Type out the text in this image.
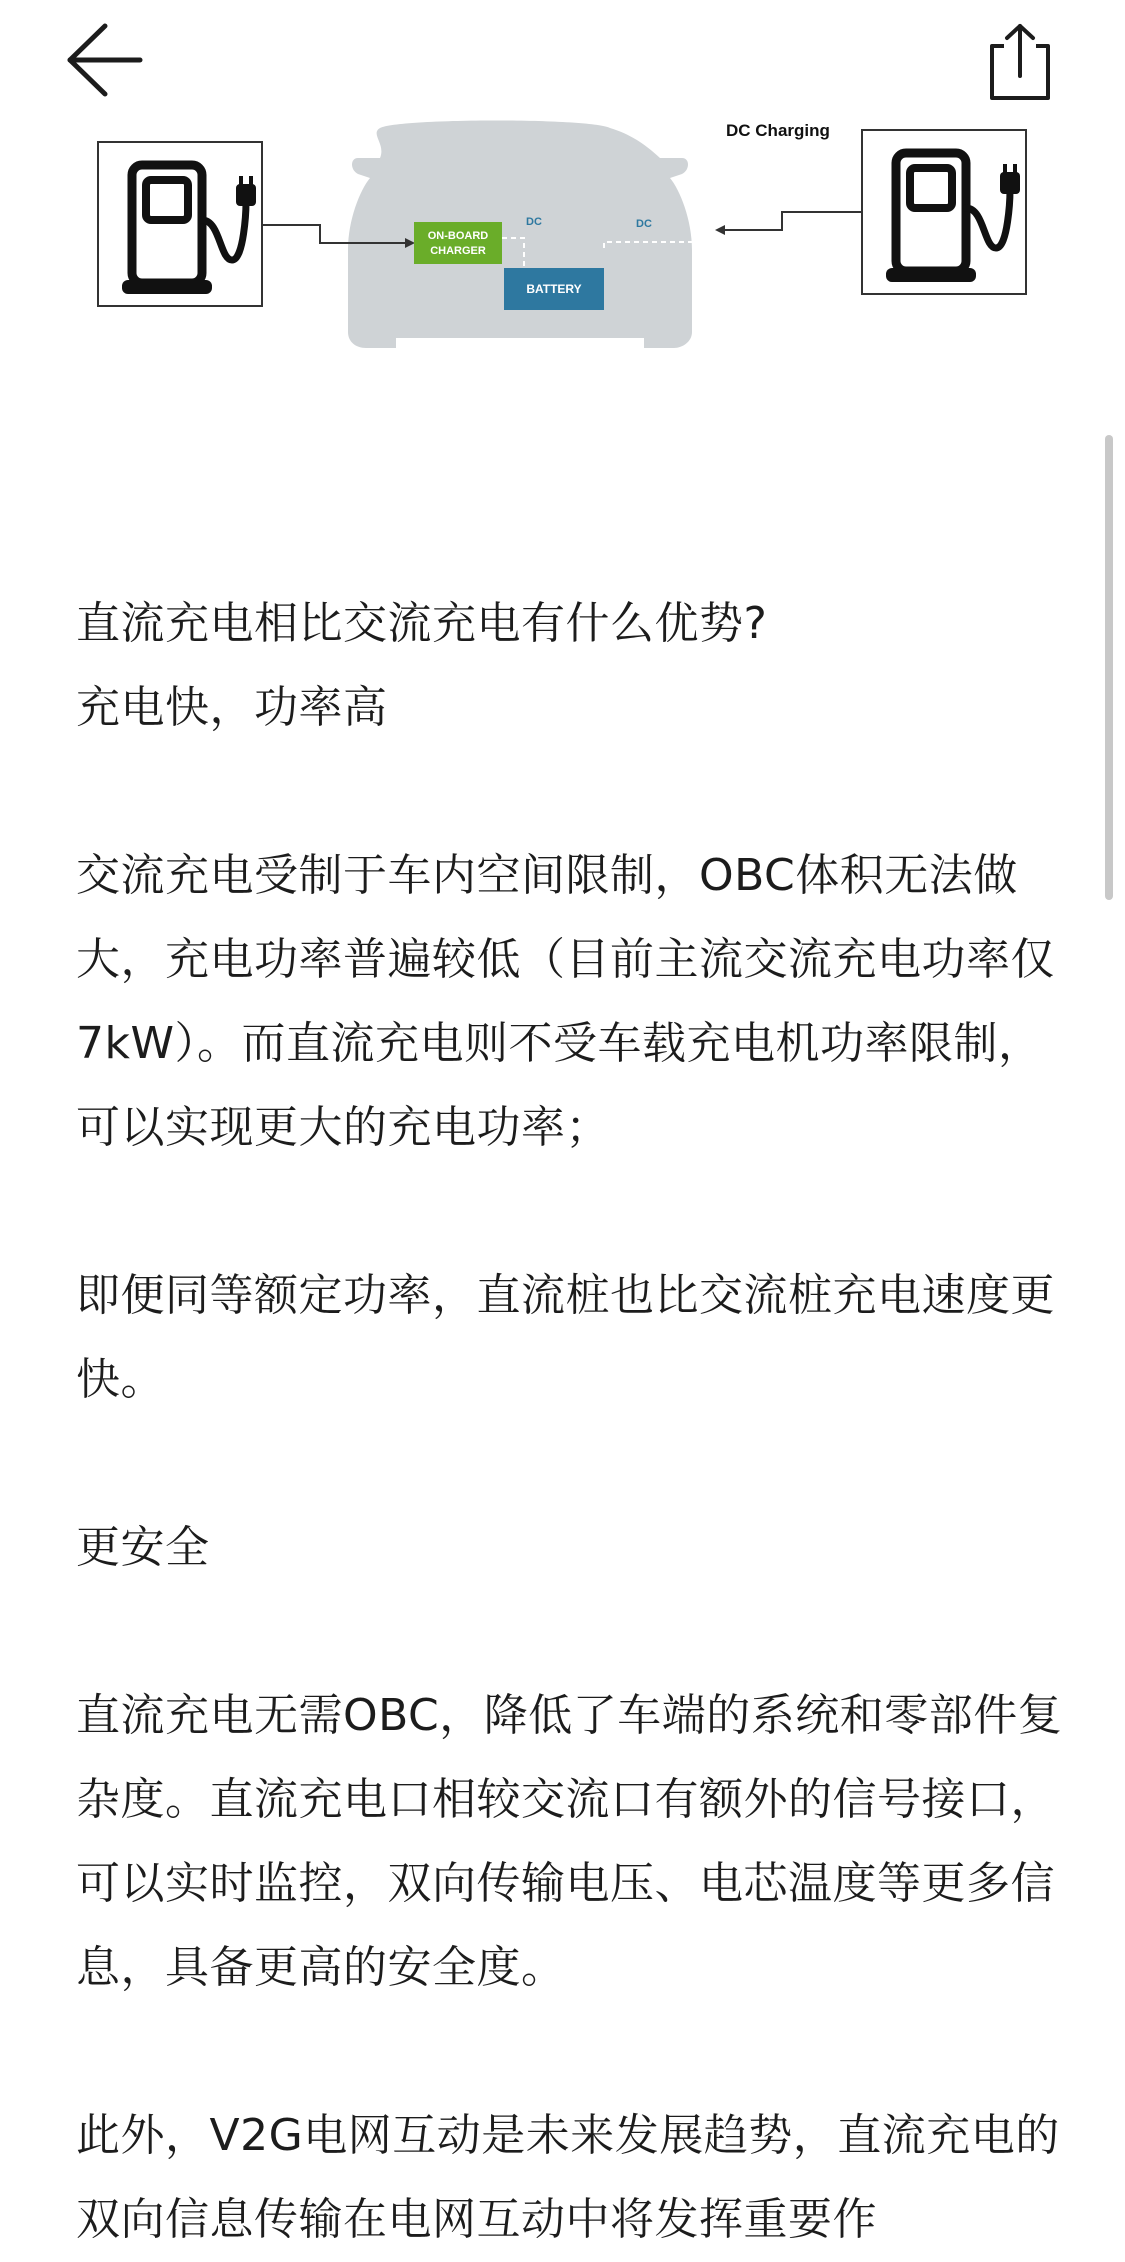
DC Charging
ON-BOARD
CHARGER
BATTERY
DC	DC

直流充电相比交流充电有什么优势?

充电快，功率高

交流充电受制于车内空间限制，OBC体积无法做大，充电功率普遍较低（目前主流交流充电功率仅7kW）。而直流充电则不受车载充电机功率限制，可以实现更大的充电功率；

即便同等额定功率，直流桩也比交流桩充电速度更快。

更安全

直流充电无需OBC，降低了车端的系统和零部件复杂度。直流充电口相较交流口有额外的信号接口，可以实时监控，双向传输电压、电芯温度等更多信息，具备更高的安全度。

此外，V2G电网互动是未来发展趋势，直流充电的双向信息传输在电网互动中将发挥重要作
